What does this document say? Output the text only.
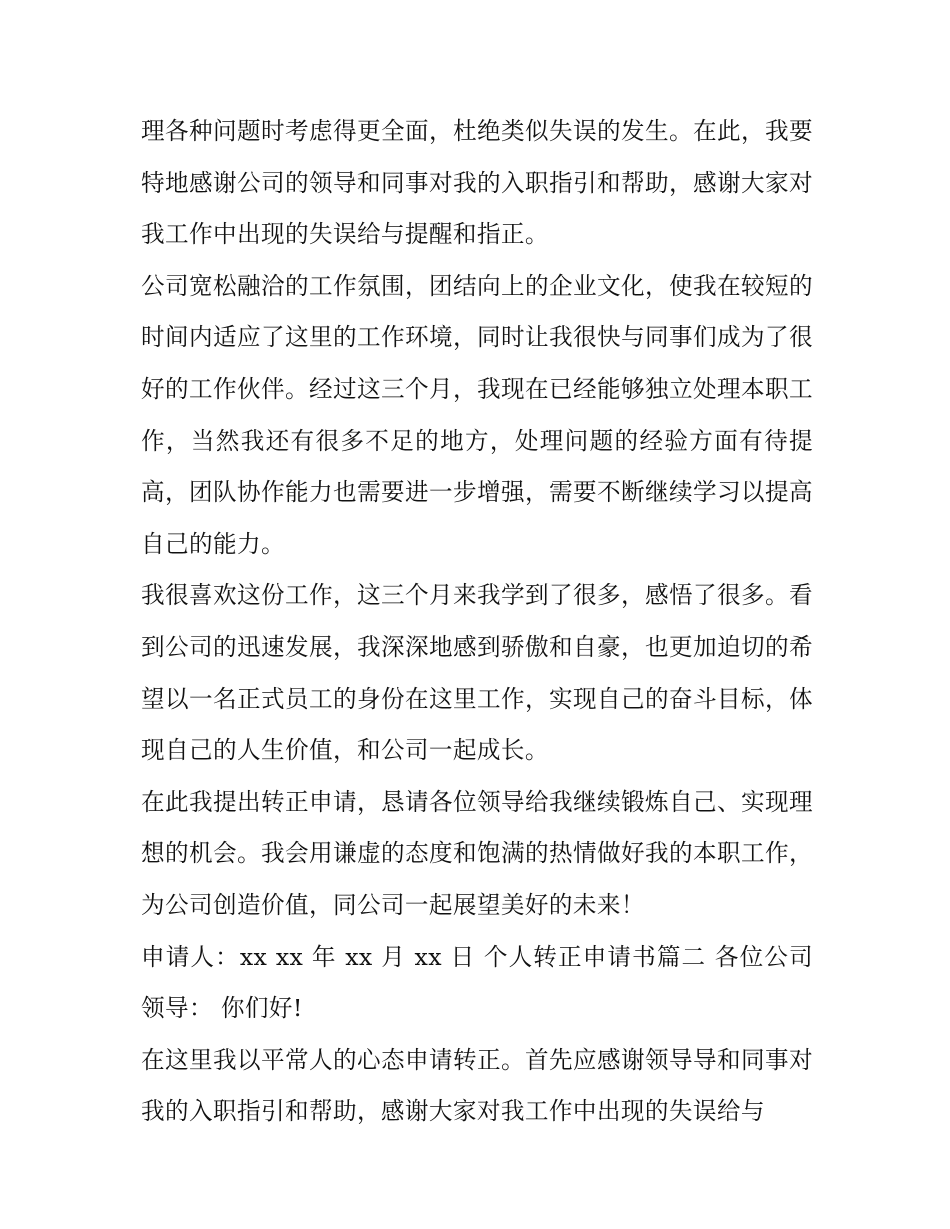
理各种问题时考虑得更全面，杜绝类似失误的发生。在此，我要特地感谢公司的领导和同事对我的入职指引和帮助，感谢大家对我工作中出现的失误给与提醒和指正。

公司宽松融洽的工作氛围，团结向上的企业文化，使我在较短的时间内适应了这里的工作环境，同时让我很快与同事们成为了很好的工作伙伴。经过这三个月，我现在已经能够独立处理本职工作，当然我还有很多不足的地方，处理问题的经验方面有待提高，团队协作能力也需要进一步增强，需要不断继续学习以提高自己的能力。

我很喜欢这份工作，这三个月来我学到了很多，感悟了很多。看到公司的迅速发展，我深深地感到骄傲和自豪，也更加迫切的希望以一名正式员工的身份在这里工作，实现自己的奋斗目标，体现自己的人生价值，和公司一起成长。

在此我提出转正申请，恳请各位领导给我继续锻炼自己、实现理想的机会。我会用谦虚的态度和饱满的热情做好我的本职工作，为公司创造价值，同公司一起展望美好的未来！

申请人：xx xx 年 xx 月 xx 日 个人转正申请书篇二 各位公司领导： 你们好!

在这里我以平常人的心态申请转正。首先应感谢领导导和同事对我的入职指引和帮助，感谢大家对我工作中出现的失误给与
